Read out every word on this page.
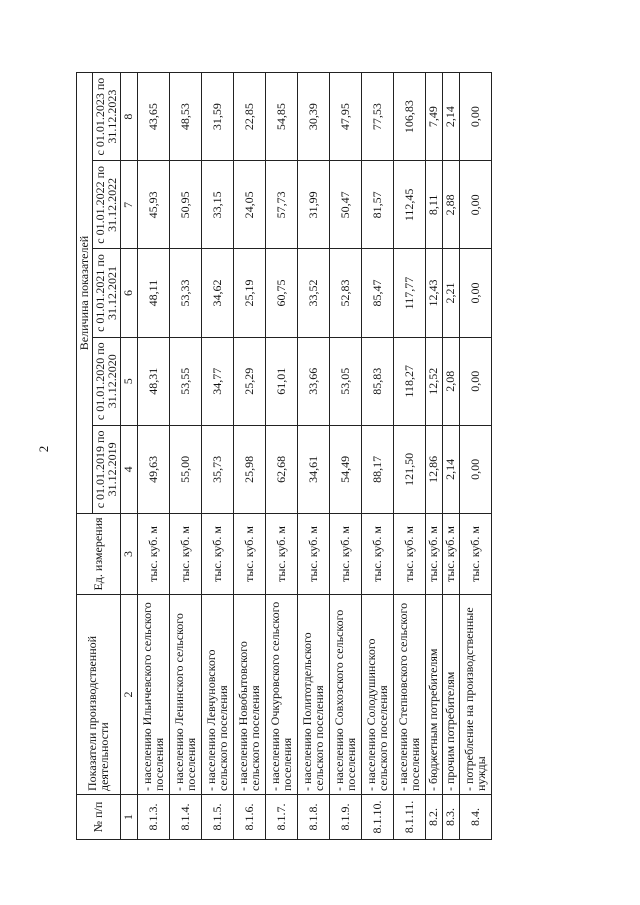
2
№ п/п	Показатели производственной деятельности	Ед. измерения	Величина показателей				
			с 01.01.2019 по 31.12.2019	с 01.01.2020 по 31.12.2020	с 01.01.2021 по 31.12.2021	с 01.01.2022 по 31.12.2022	с 01.01.2023 по 31.12.2023
1	2	3	4	5	6	7	8
8.1.3.	- населению Ильичевского сельского поселения	тыс. куб. м	49,63	48,31	48,11	45,93	43,65
8.1.4.	- населению Ленинского сельского поселения	тыс. куб. м	55,00	53,55	53,33	50,95	48,53
8.1.5.	- населению Левчуновского сельского поселения	тыс. куб. м	35,73	34,77	34,62	33,15	31,59
8.1.6.	- населению Новобытовского сельского поселения	тыс. куб. м	25,98	25,29	25,19	24,05	22,85
8.1.7.	- населению Очкуровского сельского поселения	тыс. куб. м	62,68	61,01	60,75	57,73	54,85
8.1.8.	- населению Политотдельского сельского поселения	тыс. куб. м	34,61	33,66	33,52	31,99	30,39
8.1.9.	- населению Совхозского сельского поселения	тыс. куб. м	54,49	53,05	52,83	50,47	47,95
8.1.10.	- населению Солодушинского сельского поселения	тыс. куб. м	88,17	85,83	85,47	81,57	77,53
8.1.11.	- населению Степновского сельского поселения	тыс. куб. м	121,50	118,27	117,77	112,45	106,83
8.2.	- бюджетным потребителям	тыс. куб. м	12,86	12,52	12,43	8,11	7,49
8.3.	- прочим потребителям	тыс. куб. м	2,14	2,08	2,21	2,88	2,14
8.4.	- потребление на производственные нужды	тыс. куб. м	0,00	0,00	0,00	0,00	0,00
